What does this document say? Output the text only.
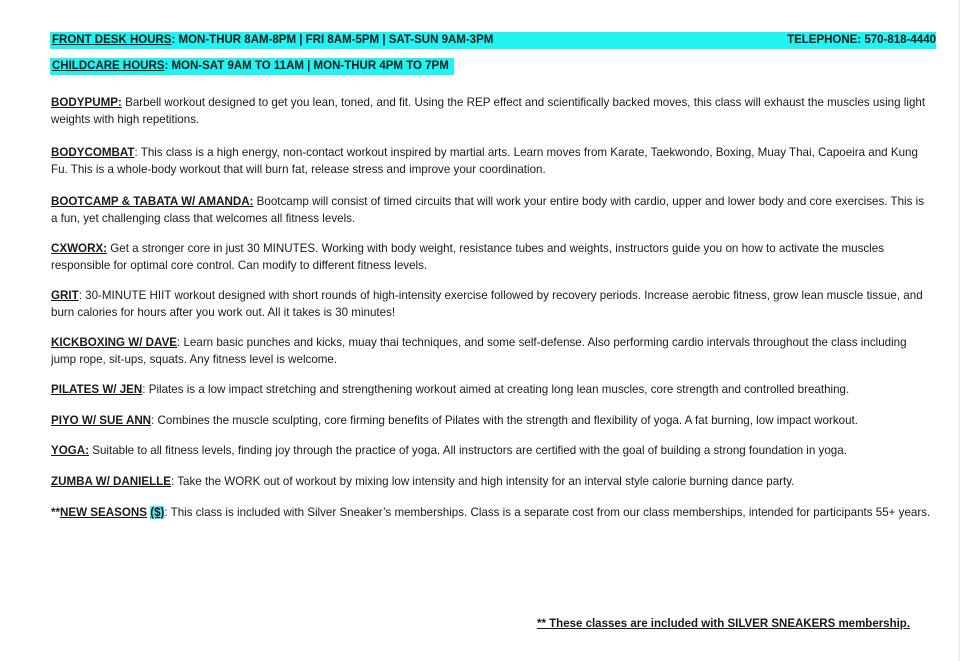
FRONT DESK HOURS: MON-THUR 8AM-8PM | FRI 8AM-5PM | SAT-SUN 9AM-3PM	TELEPHONE: 570-818-4440
CHILDCARE HOURS: MON-SAT 9AM TO 11AM | MON-THUR 4PM TO 7PM
BODYPUMP: Barbell workout designed to get you lean, toned, and fit. Using the REP effect and scientifically backed moves, this class will exhaust the muscles using light weights with high repetitions.
BODYCOMBAT: This class is a high energy, non-contact workout inspired by martial arts. Learn moves from Karate, Taekwondo, Boxing, Muay Thai, Capoeira and Kung Fu. This is a whole-body workout that will burn fat, release stress and improve your coordination.
BOOTCAMP & TABATA W/ AMANDA: Bootcamp will consist of timed circuits that will work your entire body with cardio, upper and lower body and core exercises. This is a fun, yet challenging class that welcomes all fitness levels.
CXWORX: Get a stronger core in just 30 MINUTES. Working with body weight, resistance tubes and weights, instructors guide you on how to activate the muscles responsible for optimal core control. Can modify to different fitness levels.
GRIT: 30-MINUTE HIIT workout designed with short rounds of high-intensity exercise followed by recovery periods. Increase aerobic fitness, grow lean muscle tissue, and burn calories for hours after you work out. All it takes is 30 minutes!
KICKBOXING W/ DAVE: Learn basic punches and kicks, muay thai techniques, and some self-defense. Also performing cardio intervals throughout the class including jump rope, sit-ups, squats. Any fitness level is welcome.
PILATES W/ JEN: Pilates is a low impact stretching and strengthening workout aimed at creating long lean muscles, core strength and controlled breathing.
PIYO W/ SUE ANN: Combines the muscle sculpting, core firming benefits of Pilates with the strength and flexibility of yoga. A fat burning, low impact workout.
YOGA: Suitable to all fitness levels, finding joy through the practice of yoga. All instructors are certified with the goal of building a strong foundation in yoga.
ZUMBA W/ DANIELLE: Take the WORK out of workout by mixing low intensity and high intensity for an interval style calorie burning dance party.
**NEW SEASONS ($): This class is included with Silver Sneaker’s memberships. Class is a separate cost from our class memberships, intended for participants 55+ years.
** These classes are included with SILVER SNEAKERS membership.
